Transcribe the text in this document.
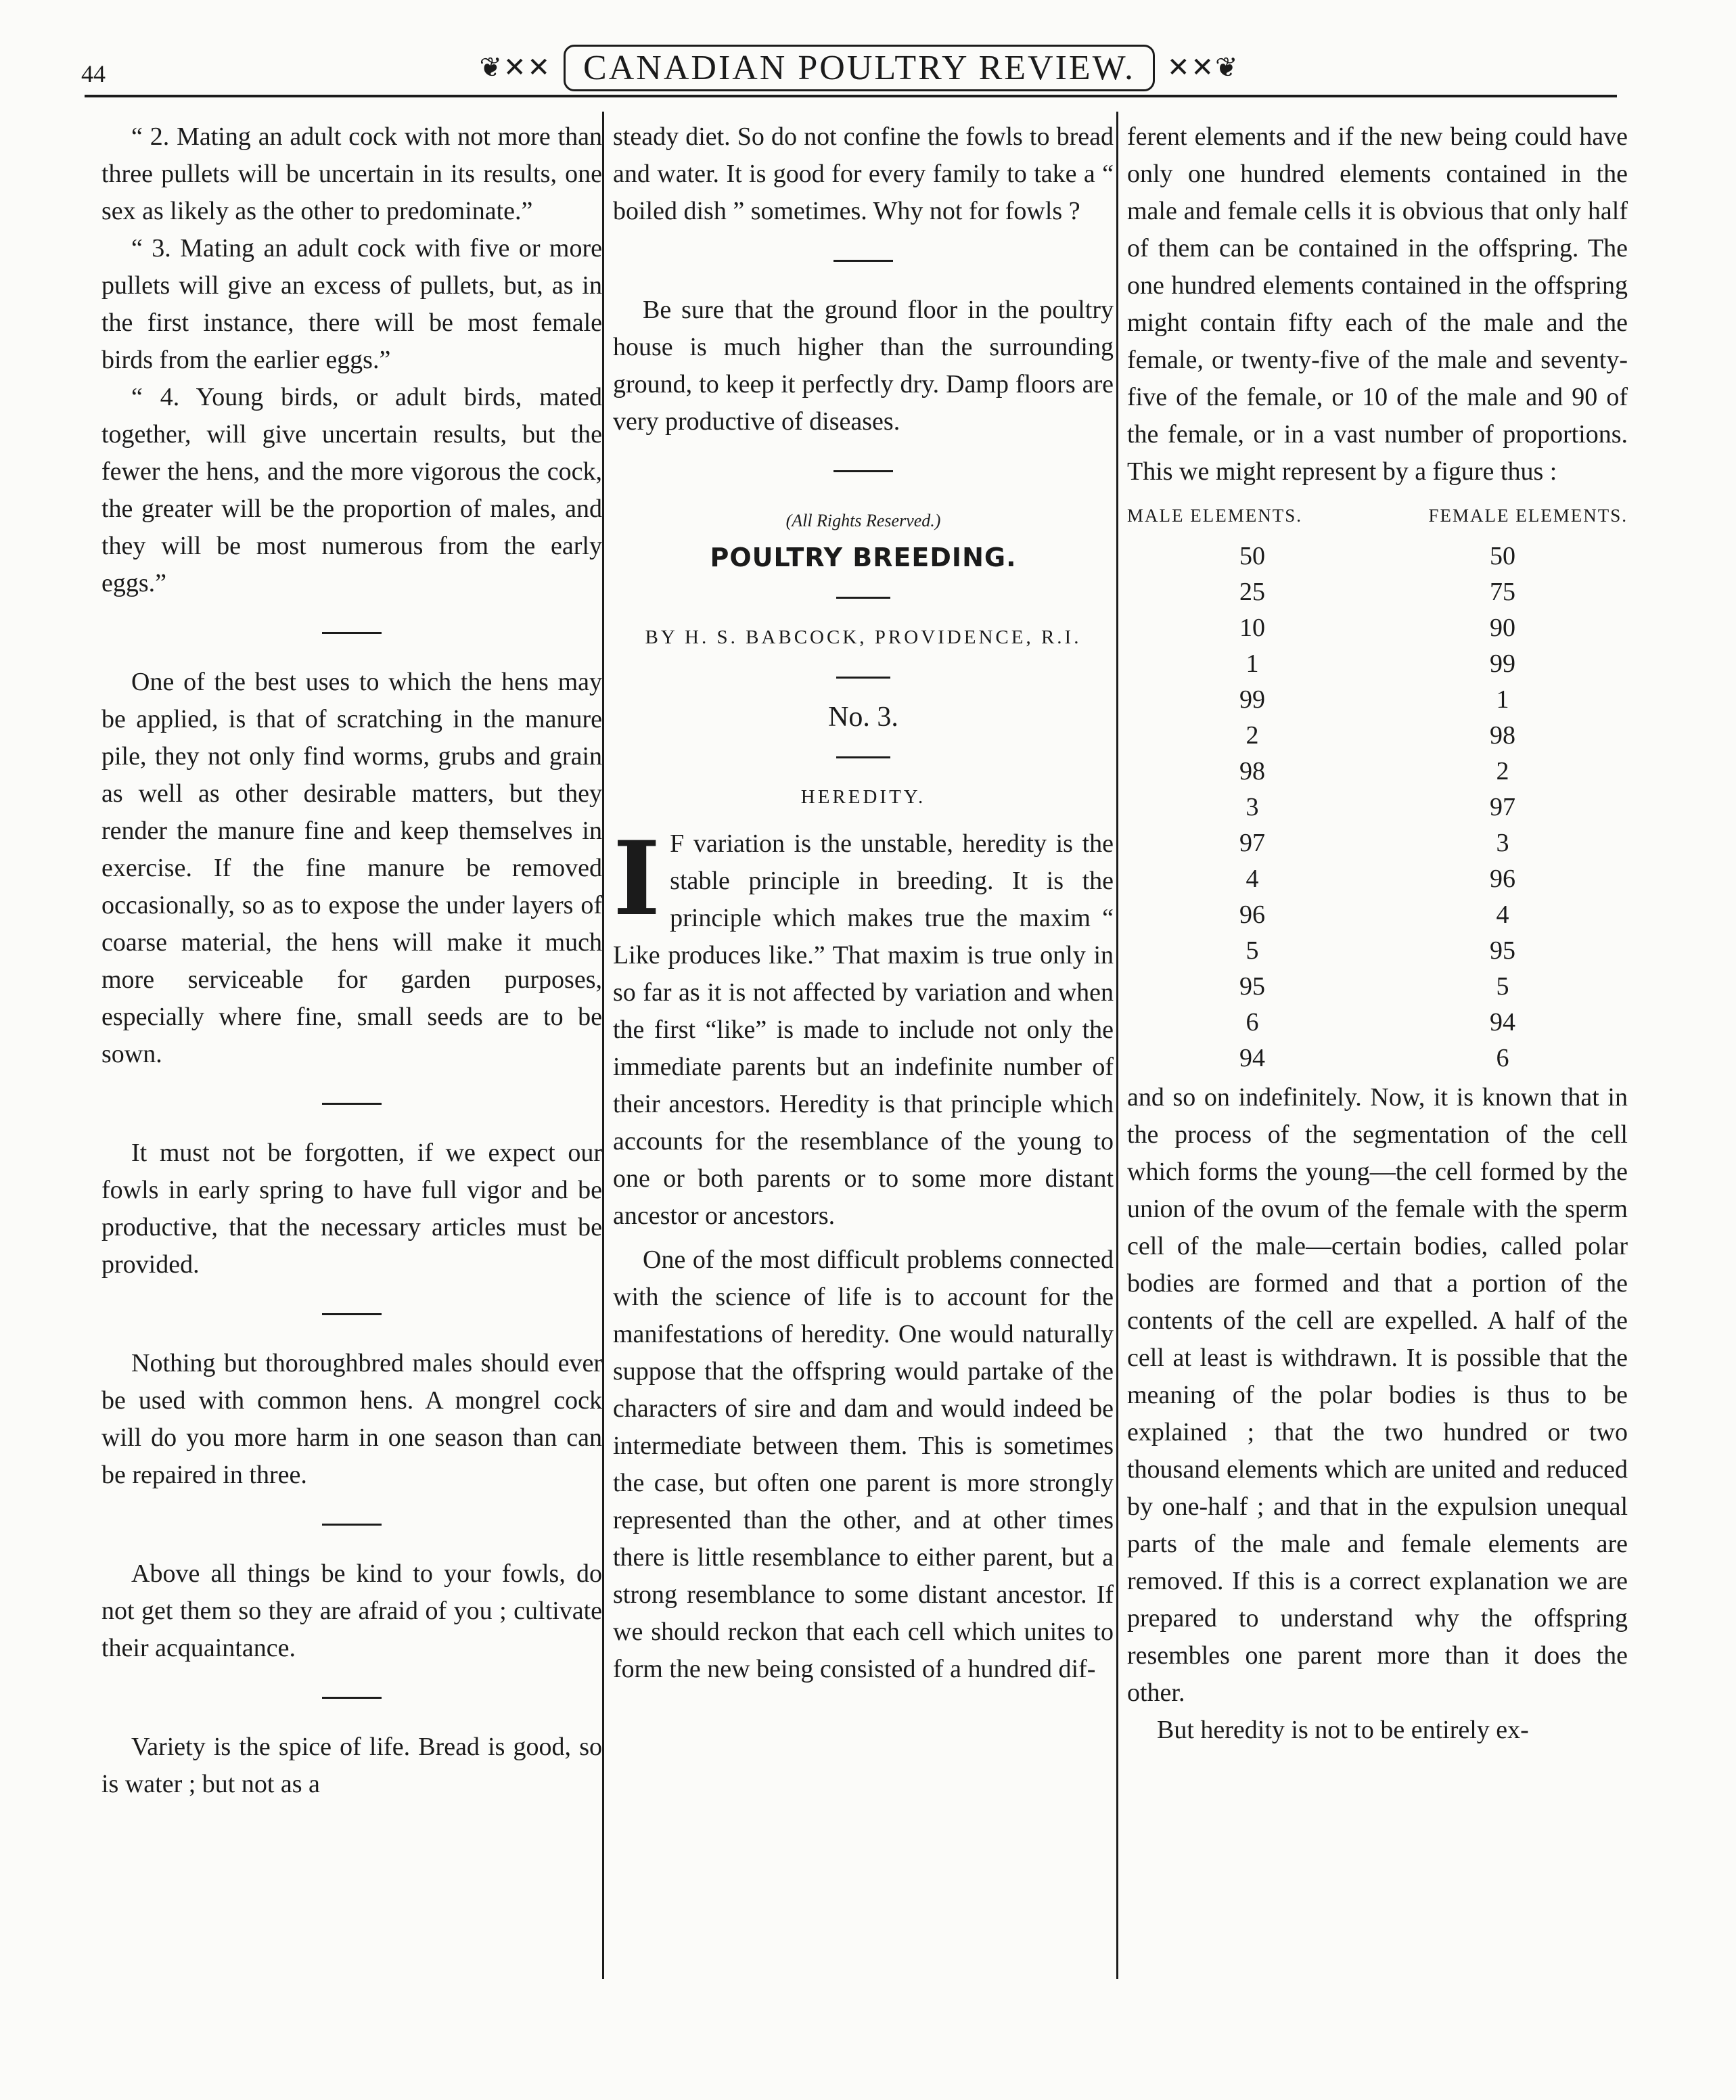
44	❦✕✕ CANADIAN POULTRY REVIEW.	✕✕❦

“ 2. Mating an adult cock with not more than three pullets will be uncertain in its results, one sex as likely as the other to predominate.”

“ 3. Mating an adult cock with five or more pullets will give an excess of pullets, but, as in the first instance, there will be most female birds from the earlier eggs.”

“ 4. Young birds, or adult birds, mated together, will give uncertain results, but the fewer the hens, and the more vigorous the cock, the greater will be the proportion of males, and they will be most numerous from the early eggs.”

One of the best uses to which the hens may be applied, is that of scratching in the manure pile, they not only find worms, grubs and grain as well as other desirable matters, but they render the manure fine and keep themselves in exercise. If the fine manure be removed occasionally, so as to expose the under layers of coarse material, the hens will make it much more serviceable for garden purposes, especially where fine, small seeds are to be sown.

It must not be forgotten, if we expect our fowls in early spring to have full vigor and be productive, that the necessary articles must be provided.

Nothing but thoroughbred males should ever be used with common hens. A mongrel cock will do you more harm in one season than can be repaired in three.

Above all things be kind to your fowls, do not get them so they are afraid of you ; cultivate their acquaintance.

Variety is the spice of life. Bread is good, so is water ; but not as a

steady diet. So do not confine the fowls to bread and water. It is good for every family to take a “ boiled dish ” sometimes. Why not for fowls ?

Be sure that the ground floor in the poultry house is much higher than the surrounding ground, to keep it perfectly dry. Damp floors are very productive of diseases.

(All Rights Reserved.)

POULTRY BREEDING.

BY H. S. BABCOCK, PROVIDENCE, R.I.

No. 3.

HEREDITY.

I F variation is the unstable, heredity is the stable principle in breeding. It is the principle which makes true the maxim “ Like produces like.” That maxim is true only in so far as it is not affected by variation and when the first “like” is made to include not only the immediate parents but an indefinite number of their ancestors. Heredity is that principle which accounts for the resemblance of the young to one or both parents or to some more distant ancestor or ancestors.

One of the most difficult problems connected with the science of life is to account for the manifestations of heredity. One would naturally suppose that the offspring would partake of the characters of sire and dam and would indeed be intermediate between them. This is sometimes the case, but often one parent is more strongly represented than the other, and at other times there is little resemblance to either parent, but a strong resemblance to some distant ancestor. If we should reckon that each cell which unites to form the new being consisted of a hundred dif-

ferent elements and if the new being could have only one hundred elements contained in the male and female cells it is obvious that only half of them can be contained in the offspring. The one hundred elements contained in the offspring might contain fifty each of the male and the female, or twenty-five of the male and seventy-five of the female, or 10 of the male and 90 of the female, or in a vast number of proportions. This we might represent by a figure thus :

MALE ELEMENTS.	FEMALE ELEMENTS.
50	50
25	75
10	90
1	99
99	1
2	98
98	2
3	97
97	3
4	96
96	4
5	95
95	5
6	94
94	6

and so on indefinitely. Now, it is known that in the process of the segmentation of the cell which forms the young—the cell formed by the union of the ovum of the female with the sperm cell of the male—certain bodies, called polar bodies are formed and that a portion of the contents of the cell are expelled. A half of the cell at least is withdrawn. It is possible that the meaning of the polar bodies is thus to be explained ; that the two hundred or two thousand elements which are united and reduced by one-half ; and that in the expulsion unequal parts of the male and female elements are removed. If this is a correct explanation we are prepared to understand why the offspring resembles one parent more than it does the other.

But heredity is not to be entirely ex-
